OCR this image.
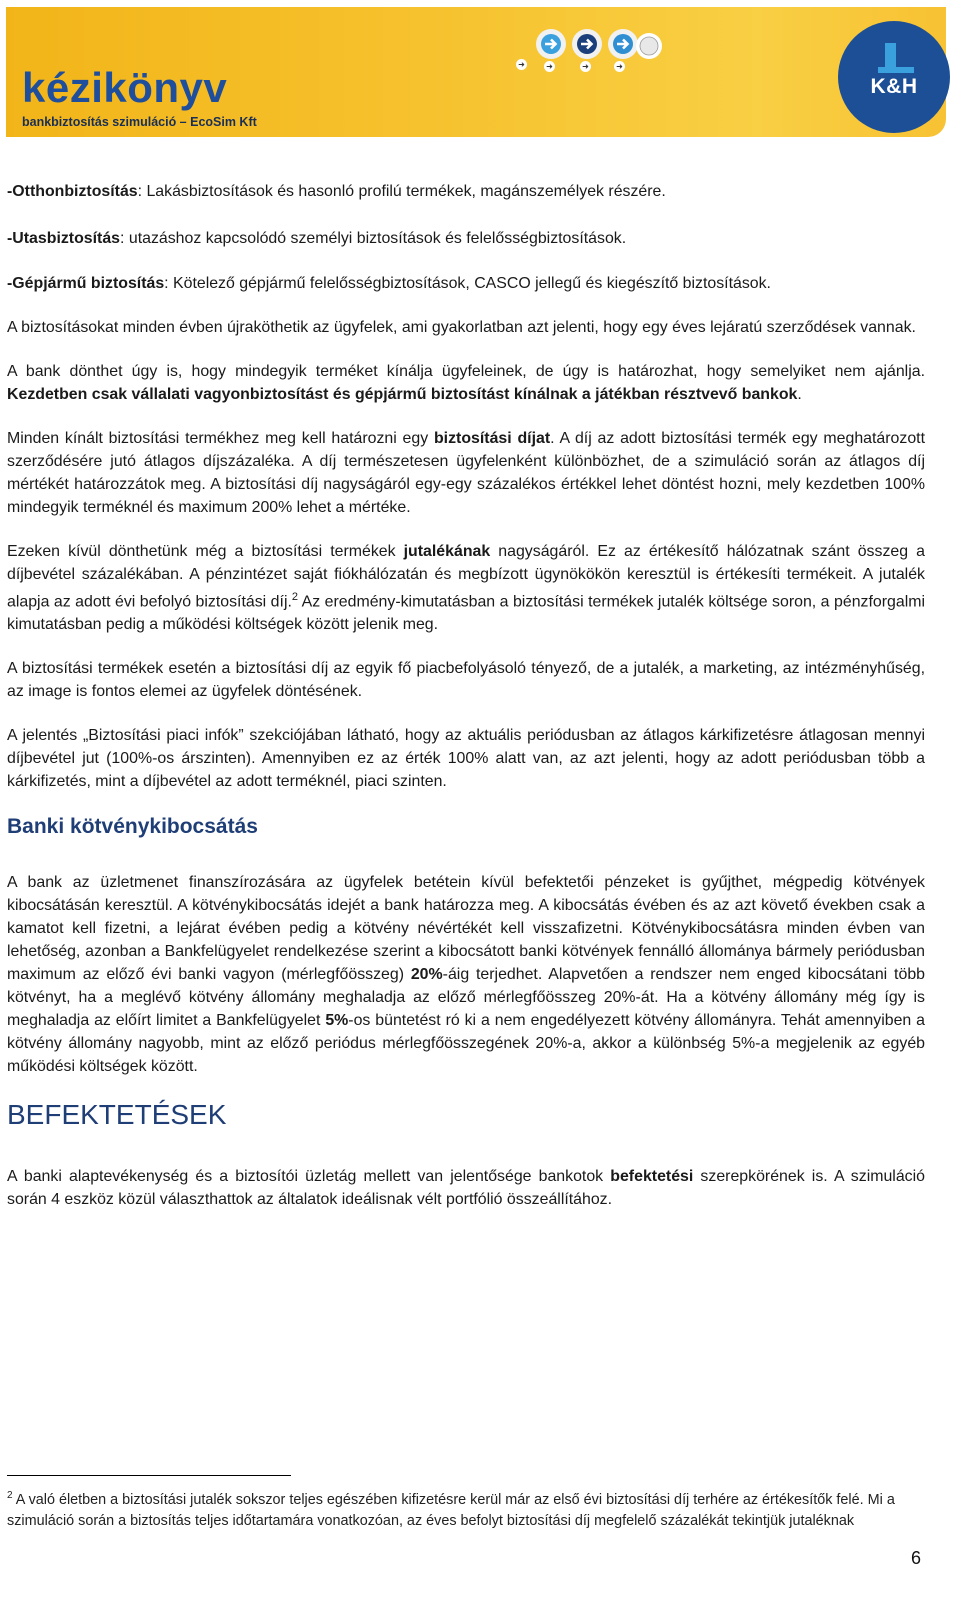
kézikönyv
bankbiztosítás szimuláció – EcoSim Kft
➜	➜	➜	➜
K&H

-Otthonbiztosítás: Lakásbiztosítások és hasonló profilú termékek, magánszemélyek részére.

-Utasbiztosítás: utazáshoz kapcsolódó személyi biztosítások és felelősségbiztosítások.

-Gépjármű biztosítás: Kötelező gépjármű felelősségbiztosítások, CASCO jellegű és kiegészítő biztosítások.

A biztosításokat minden évben újraköthetik az ügyfelek, ami gyakorlatban azt jelenti, hogy egy éves lejáratú szerződések vannak.

A bank dönthet úgy is, hogy mindegyik terméket kínálja ügyfeleinek, de úgy is határozhat, hogy semelyiket nem ajánlja. Kezdetben csak vállalati vagyonbiztosítást és gépjármű biztosítást kínálnak a játékban résztvevő bankok.

Minden kínált biztosítási termékhez meg kell határozni egy biztosítási díjat. A díj az adott biztosítási termék egy meghatározott szerződésére jutó átlagos díjszázaléka. A díj természetesen ügyfelenként különbözhet, de a szimuláció során az átlagos díj mértékét határozzátok meg. A biztosítási díj nagyságáról egy-egy százalékos értékkel lehet döntést hozni, mely kezdetben 100% mindegyik terméknél és maximum 200% lehet a mértéke.

Ezeken kívül dönthetünk még a biztosítási termékek jutalékának nagyságáról. Ez az értékesítő hálózatnak szánt összeg a díjbevétel százalékában. A pénzintézet saját fiókhálózatán és megbízott ügynökökön keresztül is értékesíti termékeit. A jutalék alapja az adott évi befolyó biztosítási díj.$^2$ Az eredmény-kimutatásban a biztosítási termékek jutalék költsége soron, a pénzforgalmi kimutatásban pedig a működési költségek között jelenik meg.

A biztosítási termékek esetén a biztosítási díj az egyik fő piacbefolyásoló tényező, de a jutalék, a marketing, az intézményhűség, az image is fontos elemei az ügyfelek döntésének.

A jelentés „Biztosítási piaci infók” szekciójában látható, hogy az aktuális periódusban az átlagos kárkifizetésre átlagosan mennyi díjbevétel jut (100%-os árszinten). Amennyiben ez az érték 100% alatt van, az azt jelenti, hogy az adott periódusban több a kárkifizetés, mint a díjbevétel az adott terméknél, piaci szinten.

Banki kötvénykibocsátás

A bank az üzletmenet finanszírozására az ügyfelek betétein kívül befektetői pénzeket is gyűjthet, mégpedig kötvények kibocsátásán keresztül. A kötvénykibocsátás idejét a bank határozza meg. A kibocsátás évében és az azt követő években csak a kamatot kell fizetni, a lejárat évében pedig a kötvény névértékét kell visszafizetni. Kötvénykibocsátásra minden évben van lehetőség, azonban a Bankfelügyelet rendelkezése szerint a kibocsátott banki kötvények fennálló állománya bármely periódusban maximum az előző évi banki vagyon (mérlegfőösszeg) 20%-áig terjedhet. Alapvetően a rendszer nem enged kibocsátani több kötvényt, ha a meglévő kötvény állomány meghaladja az előző mérlegfőösszeg 20%-át. Ha a kötvény állomány még így is meghaladja az előírt limitet a Bankfelügyelet 5%-os büntetést ró ki a nem engedélyezett kötvény állományra. Tehát amennyiben a kötvény állomány nagyobb, mint az előző periódus mérlegfőösszegének 20%-a, akkor a különbség 5%-a megjelenik az egyéb működési költségek között.

BEFEKTETÉSEK

A banki alaptevékenység és a biztosítói üzletág mellett van jelentősége bankotok befektetési szerepkörének is. A szimuláció során 4 eszköz közül választhattok az általatok ideálisnak vélt portfólió összeállítához.

$^2$ A való életben a biztosítási jutalék sokszor teljes egészében kifizetésre kerül már az első évi biztosítási díj terhére az értékesítők felé. Mi a szimuláció során a biztosítás teljes időtartamára vonatkozóan, az éves befolyt biztosítási díj megfelelő százalékát tekintjük jutaléknak
6
